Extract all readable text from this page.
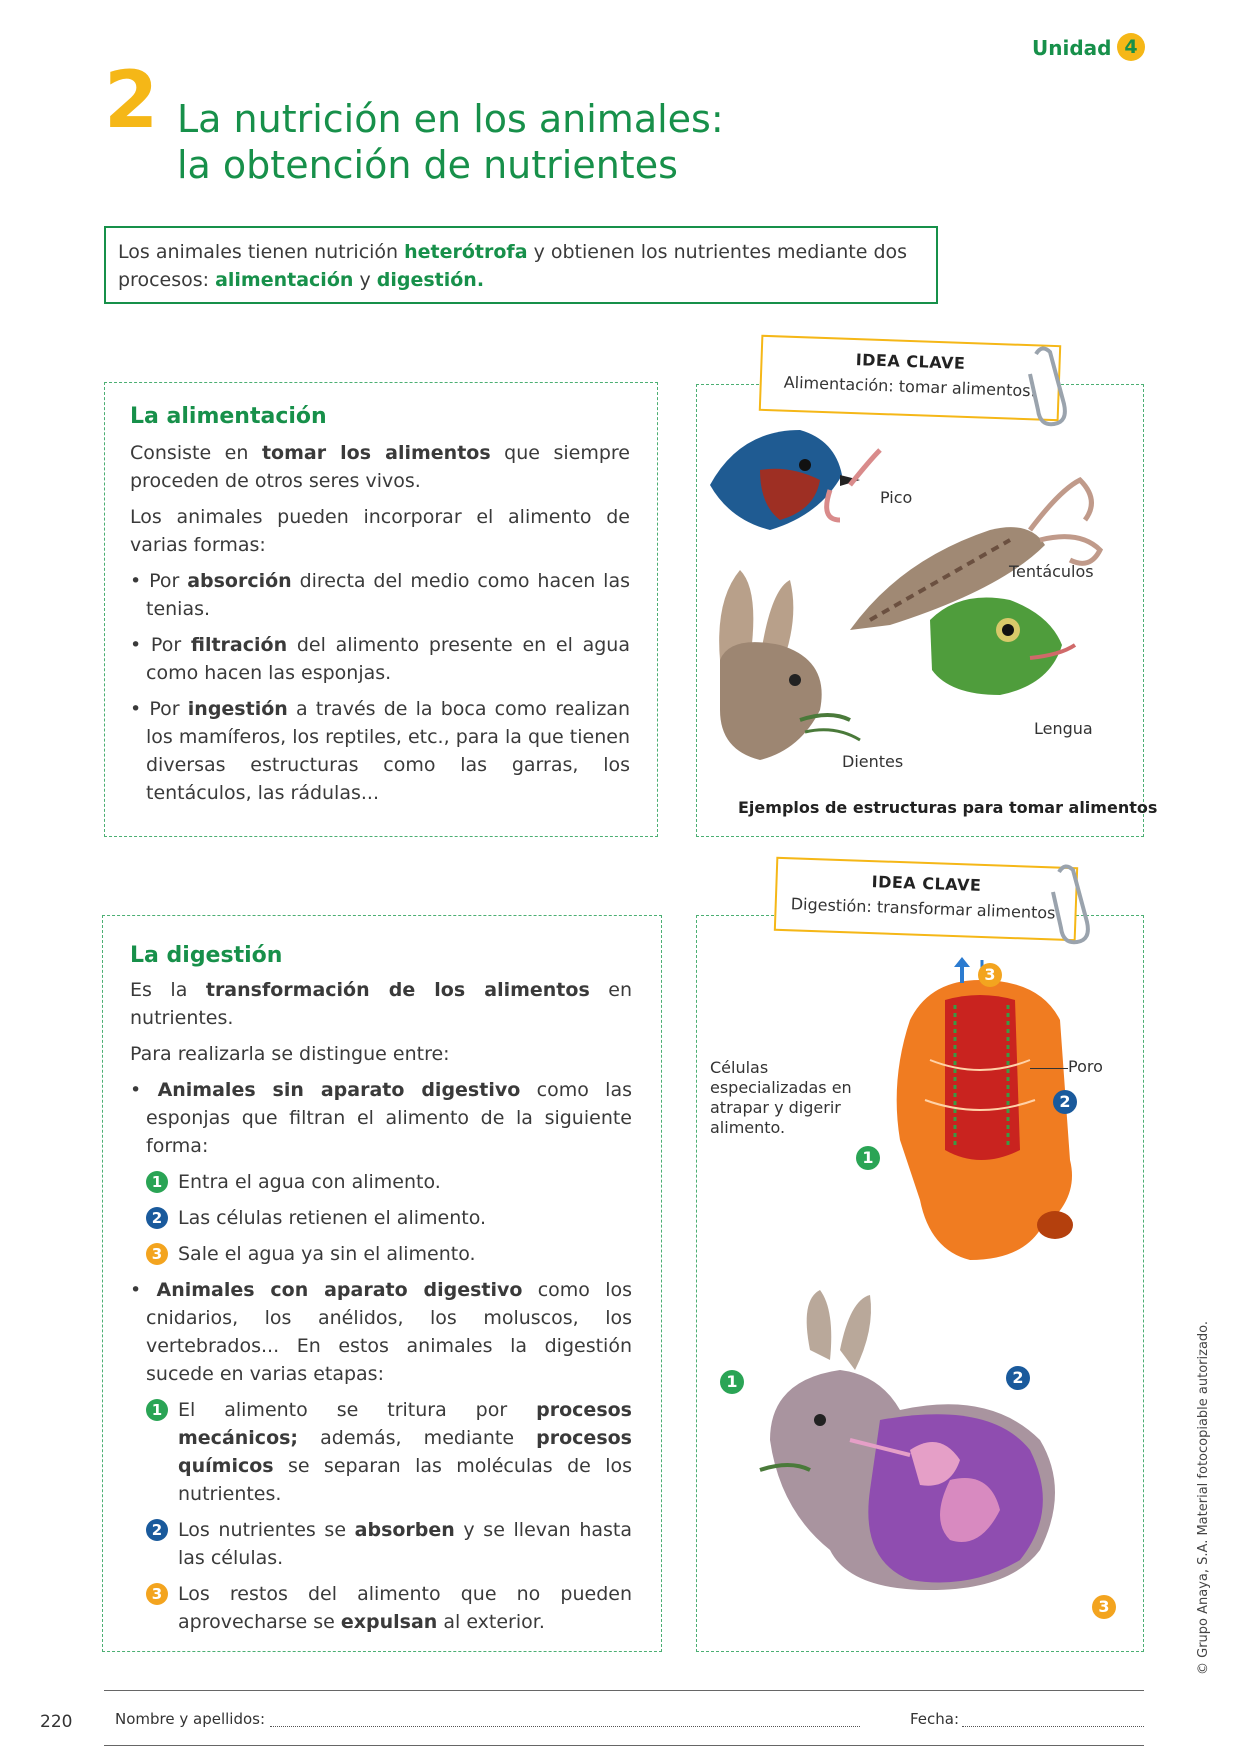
Unidad 4
2 La nutrición en los animales:
la obtención de nutrientes
Los animales tienen nutrición heterótrofa y obtienen los nutrientes mediante dos procesos: alimentación y digestión.
La alimentación

Consiste en tomar los alimentos que siempre proceden de otros seres vivos.

Los animales pueden incorporar el alimento de varias formas:

• Por absorción directa del medio como hacen las tenias.

• Por filtración del alimento presente en el agua como hacen las esponjas.

• Por ingestión a través de la boca como realizan los mamíferos, los reptiles, etc., para la que tienen diversas estructuras como las garras, los tentáculos, las rádulas...

IDEA CLAVE
Alimentación: tomar alimentos.
Pico
Tentáculos
Lengua
Dientes
Ejemplos de estructuras para tomar alimentos
La digestión

Es la transformación de los alimentos en nutrientes.

Para realizarla se distingue entre:

• Animales sin aparato digestivo como las esponjas que filtran el alimento de la siguiente forma:

1 Entra el agua con alimento.

2 Las células retienen el alimento.

3 Sale el agua ya sin el alimento.

• Animales con aparato digestivo como los cnidarios, los anélidos, los moluscos, los vertebrados... En estos animales la digestión sucede en varias etapas:

1 El alimento se tritura por procesos mecánicos; además, mediante procesos químicos se separan las moléculas de los nutrientes.

2 Los nutrientes se absorben y se llevan hasta las células.

3 Los restos del alimento que no pueden aprovecharse se expulsan al exterior.

IDEA CLAVE
Digestión: transformar alimentos.
3
2
1
Poro
Células especializadas en atrapar y digerir alimento.
1	2
3
220	Nombre y apellidos:	Fecha:
© Grupo Anaya, S.A. Material fotocopiable autorizado.
